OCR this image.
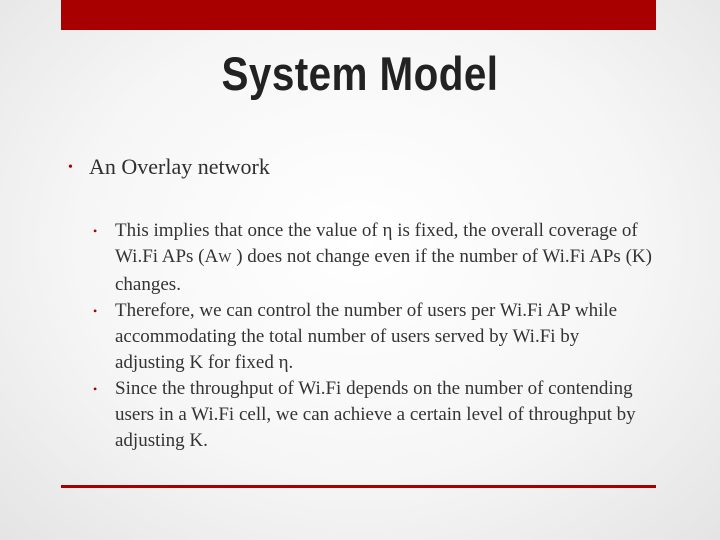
System Model
• An Overlay network
• This implies that once the value of η is fixed, the overall coverage of Wi.Fi APs (AW ) does not change even if the number of Wi.Fi APs (K) changes.
• Therefore, we can control the number of users per Wi.Fi AP while accommodating the total number of users served by Wi.Fi by adjusting K for fixed η.
• Since the throughput of Wi.Fi depends on the number of contending users in a Wi.Fi cell, we can achieve a certain level of throughput by adjusting K.
